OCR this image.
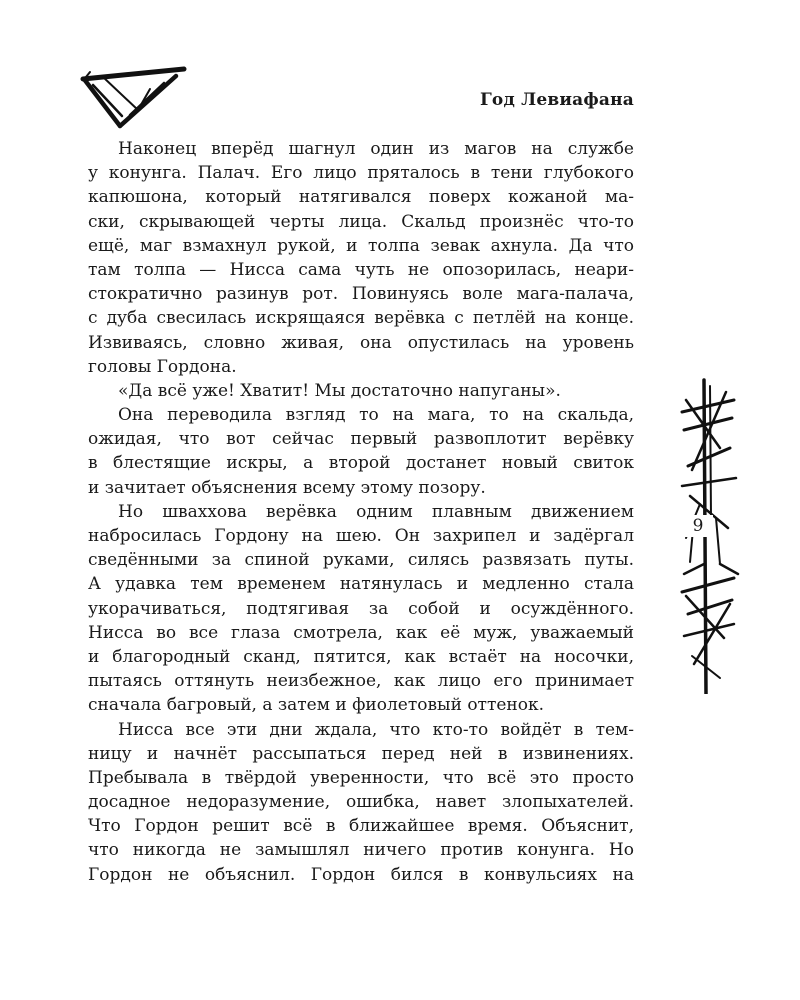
Год Левиафана
Наконец вперёд шагнул один из магов на службе
у конунга. Палач. Его лицо пряталось в тени глубокого
капюшона, который натягивался поверх кожаной ма-
ски, скрывающей черты лица. Скальд произнёс что-то
ещё, маг взмахнул рукой, и толпа зевак ахнула. Да что
там толпа — Нисса сама чуть не опозорилась, неари-
стократично разинув рот. Повинуясь воле мага-палача,
с дуба свесилась искрящаяся верёвка с петлёй на конце.
Извиваясь, словно живая, она опустилась на уровень
головы Гордона.
«Да всё уже! Хватит! Мы достаточно напуганы».
Она переводила взгляд то на мага, то на скальда,
ожидая, что вот сейчас первый развоплотит верёвку
в блестящие искры, а второй достанет новый свиток
и зачитает объяснения всему этому позору.
Но шваххова верёвка одним плавным движением
набросилась Гордону на шею. Он захрипел и задёргал
сведёнными за спиной руками, силясь развязать путы.
А удавка тем временем натянулась и медленно стала
укорачиваться, подтягивая за собой и осуждённого.
Нисса во все глаза смотрела, как её муж, уважаемый
и благородный сканд, пятится, как встаёт на носочки,
пытаясь оттянуть неизбежное, как лицо его принимает
сначала багровый, а затем и фиолетовый оттенок.
Нисса все эти дни ждала, что кто-то войдёт в тем-
ницу и начнёт рассыпаться перед ней в извинениях.
Пребывала в твёрдой уверенности, что всё это просто
досадное недоразумение, ошибка, навет злопыхателей.
Что Гордон решит всё в ближайшее время. Объяснит,
что никогда не замышлял ничего против конунга. Но
Гордон не объяснил. Гордон бился в конвульсиях на
9
